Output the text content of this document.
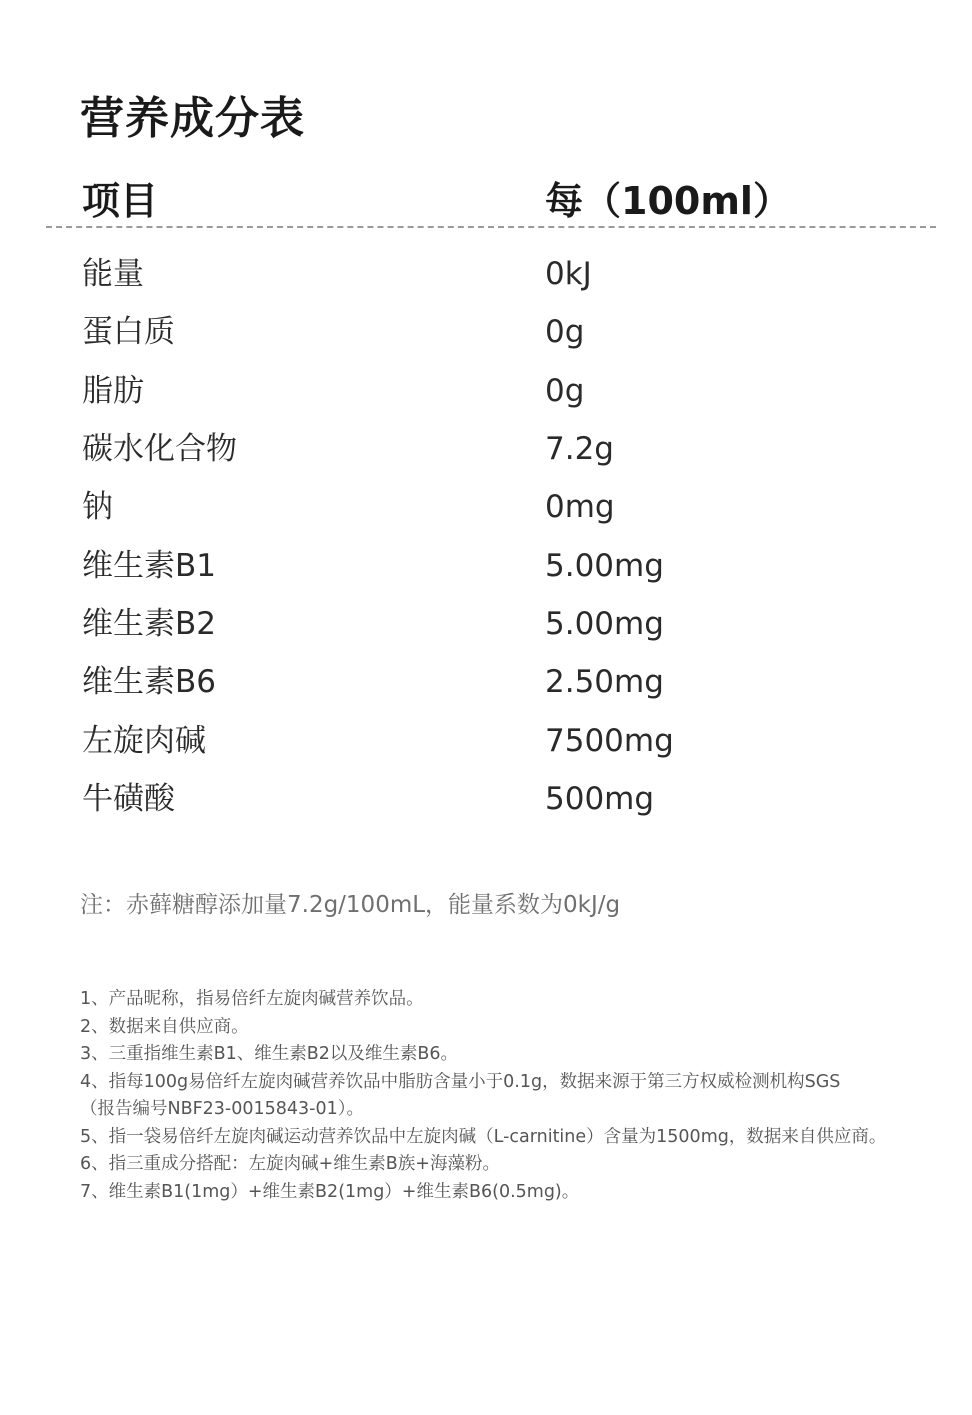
营养成分表
项目	每（100ml）
能量	0kJ
蛋白质	0g
脂肪	0g
碳水化合物	7.2g
钠	0mg
维生素B1	5.00mg
维生素B2	5.00mg
维生素B6	2.50mg
左旋肉碱	7500mg
牛磺酸	500mg
注：赤藓糖醇添加量7.2g/100mL，能量系数为0kJ/g
1、产品昵称，指易倍纤左旋肉碱营养饮品。
2、数据来自供应商。
3、三重指维生素B1、维生素B2以及维生素B6。
4、指每100g易倍纤左旋肉碱营养饮品中脂肪含量小于0.1g，数据来源于第三方权威检测机构SGS
（报告编号NBF23-0015843-01）。
5、指一袋易倍纤左旋肉碱运动营养饮品中左旋肉碱（L-carnitine）含量为1500mg，数据来自供应商。
6、指三重成分搭配：左旋肉碱+维生素B族+海藻粉。
7、维生素B1(1mg）+维生素B2(1mg）+维生素B6(0.5mg)。
